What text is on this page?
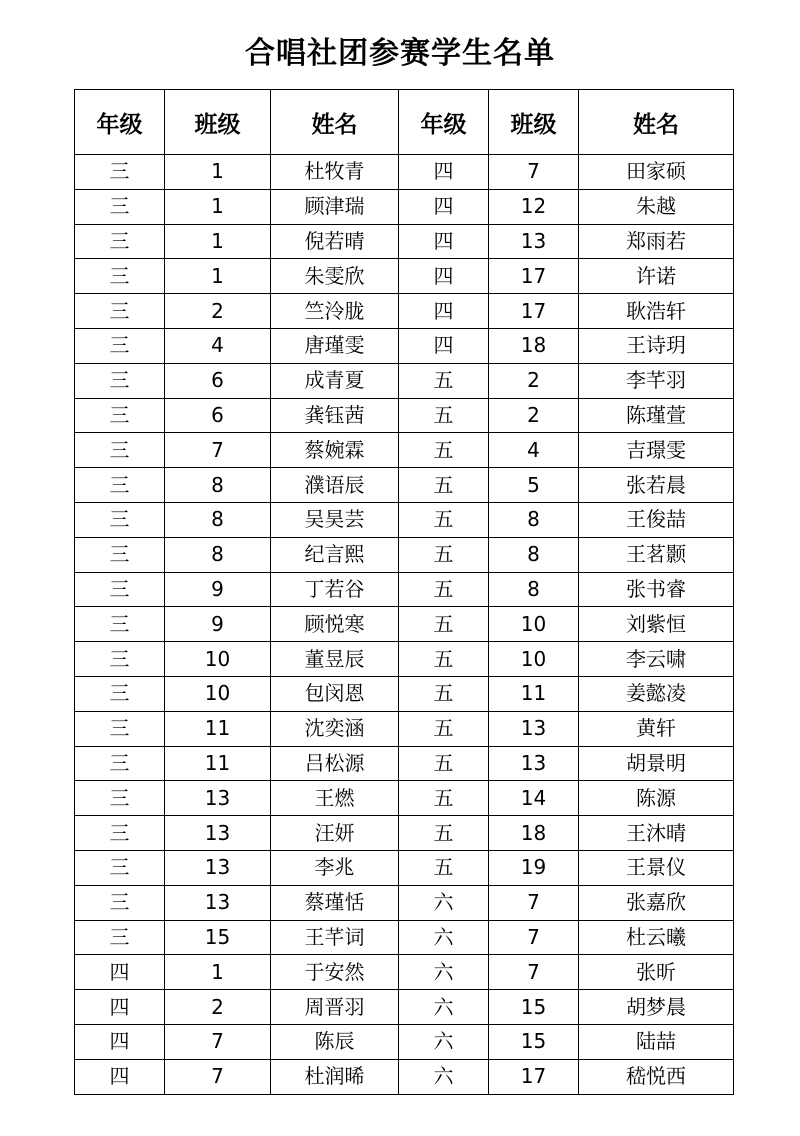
合唱社团参赛学生名单
年级	班级	姓名	年级	班级	姓名
三	1	杜牧青	四	7	田家硕
三	1	顾津瑞	四	12	朱越
三	1	倪若晴	四	13	郑雨若
三	1	朱雯欣	四	17	许诺
三	2	竺泠胧	四	17	耿浩轩
三	4	唐瑾雯	四	18	王诗玥
三	6	成青夏	五	2	李芊羽
三	6	龚钰茜	五	2	陈瑾萱
三	7	蔡婉霖	五	4	吉璟雯
三	8	濮语辰	五	5	张若晨
三	8	吴昊芸	五	8	王俊喆
三	8	纪言熙	五	8	王茗颢
三	9	丁若谷	五	8	张书睿
三	9	顾悦寒	五	10	刘紫恒
三	10	董昱辰	五	10	李云啸
三	10	包闵恩	五	11	姜懿凌
三	11	沈奕涵	五	13	黄轩
三	11	吕松源	五	13	胡景明
三	13	王燃	五	14	陈源
三	13	汪妍	五	18	王沐晴
三	13	李兆	五	19	王景仪
三	13	蔡瑾恬	六	7	张嘉欣
三	15	王芊词	六	7	杜云曦
四	1	于安然	六	7	张昕
四	2	周晋羽	六	15	胡梦晨
四	7	陈辰	六	15	陆喆
四	7	杜润晞	六	17	嵇悦西
